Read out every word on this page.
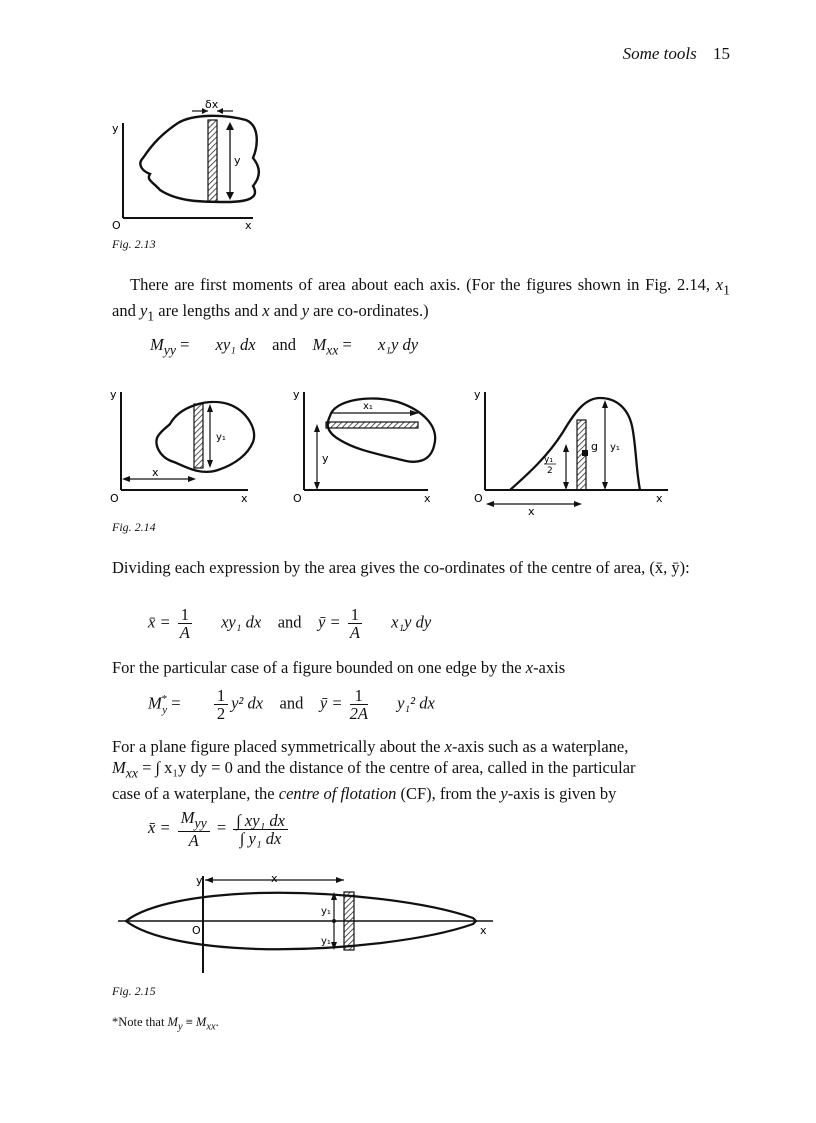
Some tools 15
δx
y
y
x
O
Fig. 2.13
There are first moments of area about each axis. (For the figures shown in Fig. 2.14, $x_1$ and $y_1$ are lengths and x and y are co-ordinates.)
$M_{yy} = xy_1$ dx and $M_{xx} = x_1y$ dy
y
x
O
y₁
x
y
x
O
x₁
y
y
x
O
y₁
2
g y₁
x
Fig. 2.14
Dividing each expression by the area gives the co-ordinates of the centre of area, (x̄, ȳ):
x̄ = $\frac{1}{A} xy_1$ dx and ȳ = $\frac{1}{A} x_1y$ dy
For the particular case of a figure bounded on one edge by the x-axis
$M^*_y = \frac{1}{2} y^2$ dx and ȳ = $\frac{1}{2A} y_1^2$ dx
For a plane figure placed symmetrically about the x-axis such as a waterplane,
$M_{xx}$ = ∫ x₁y dy = 0 and the distance of the centre of area, called in the particular
case of a waterplane, the centre of flotation (CF), from the y-axis is given by
x̄ = $\frac{M_{yy}}{A} = \frac{\text{∫ xy₁ dx}}{\text{∫ y₁ dx}}$
y	x
O
y₁
y₁
x
Fig. 2.15
*Note that $M_y \equiv M_{xx}$.
